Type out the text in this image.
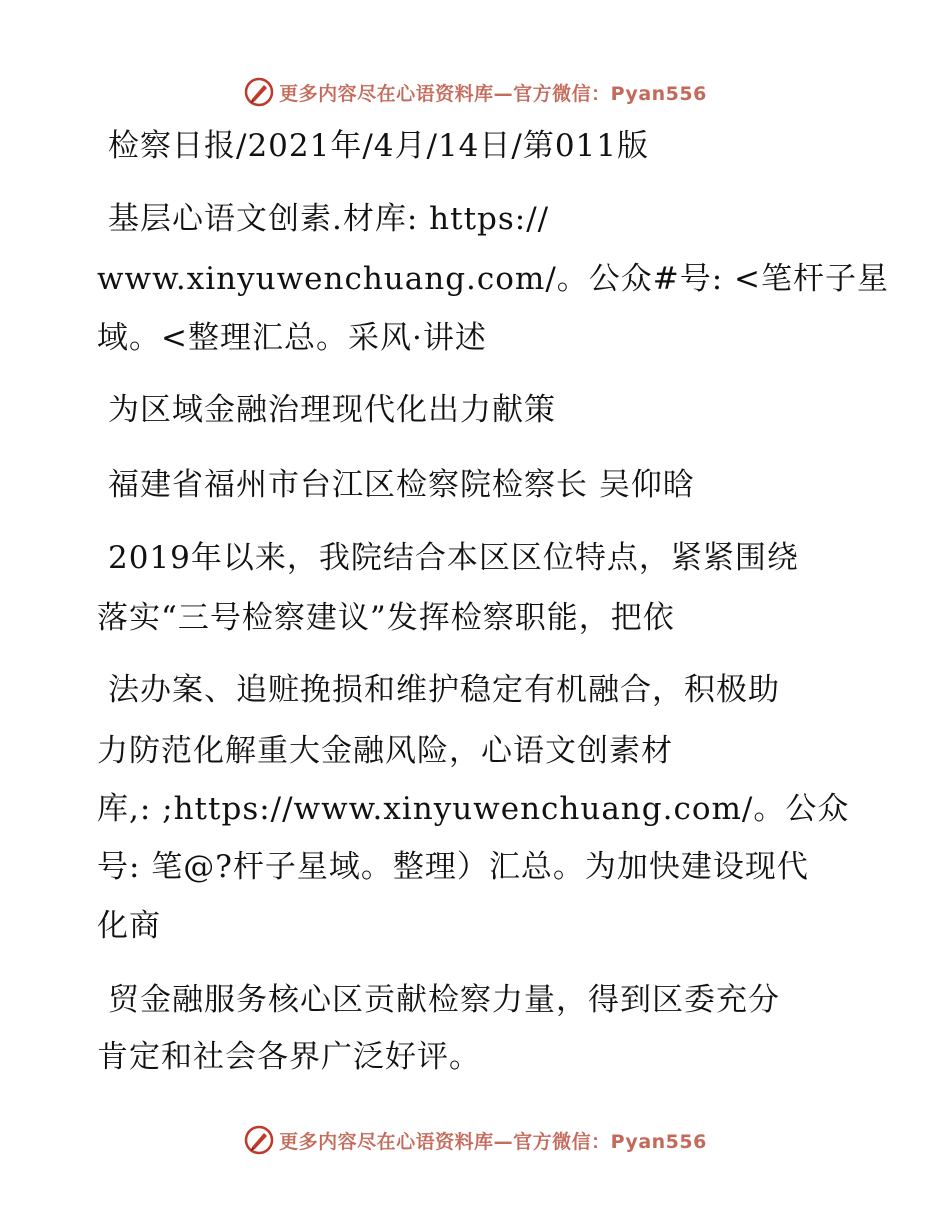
更多内容尽在心语资料库—官方微信：Pyan556
检察日报/2021年/4月/14日/第011版
基层心语文创素.材库: https://
www.xinyuwenchuang.com/。公众#号: <笔杆子星
域。<整理汇总。采风·讲述
为区域金融治理现代化出力献策
福建省福州市台江区检察院检察长 吴仰晗
2019年以来，我院结合本区区位特点，紧紧围绕
落实“三号检察建议”发挥检察职能，把依
法办案、追赃挽损和维护稳定有机融合，积极助
力防范化解重大金融风险，心语文创素材
库,: ;https://www.xinyuwenchuang.com/。公众
号: 笔@?杆子星域。整理）汇总。为加快建设现代
化商
贸金融服务核心区贡献检察力量，得到区委充分
肯定和社会各界广泛好评。
更多内容尽在心语资料库—官方微信：Pyan556
